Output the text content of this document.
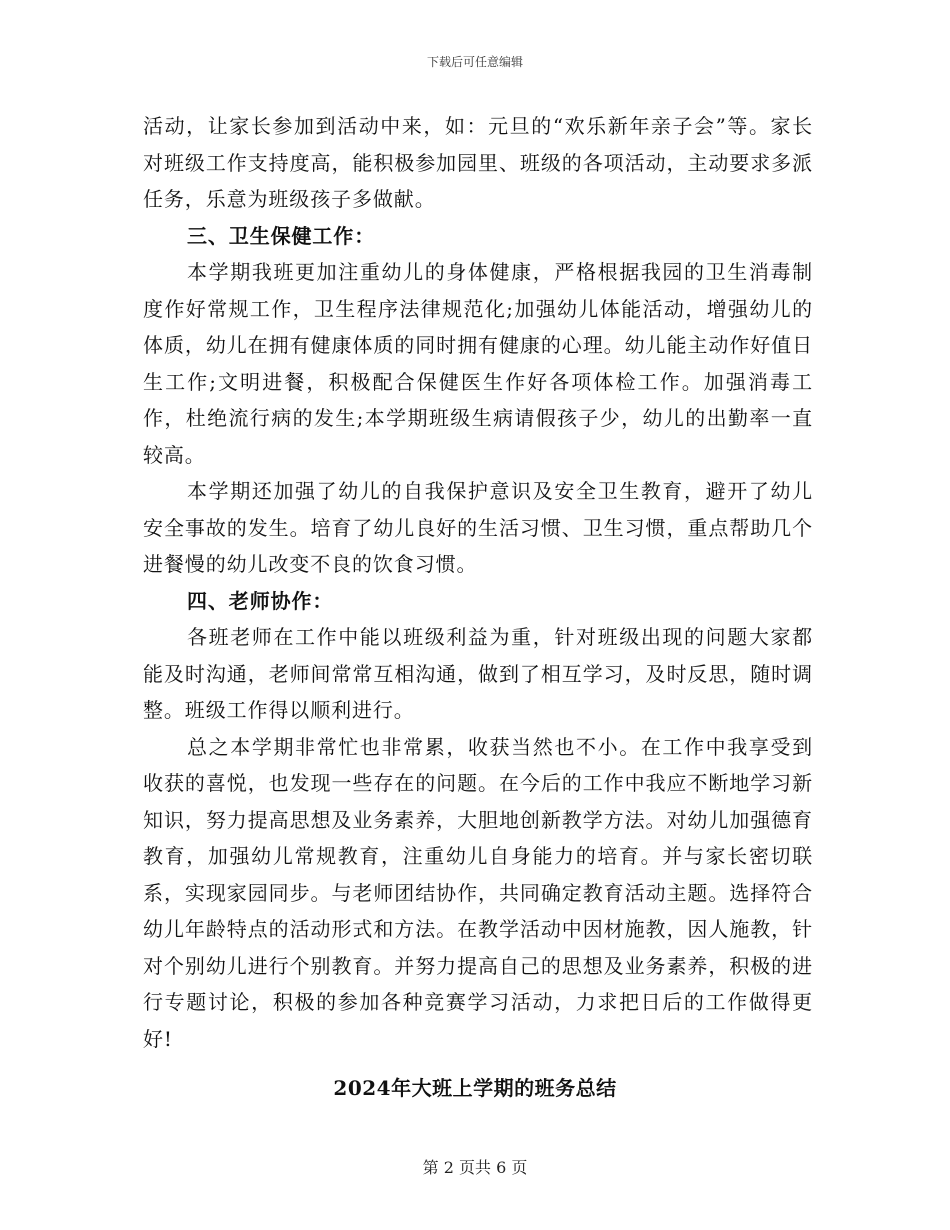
下载后可任意编辑

活动，让家长参加到活动中来，如：元旦的“欢乐新年亲子会”等。家长对班级工作支持度高，能积极参加园里、班级的各项活动，主动要求多派任务，乐意为班级孩子多做献。

三、卫生保健工作：

本学期我班更加注重幼儿的身体健康，严格根据我园的卫生消毒制度作好常规工作，卫生程序法律规范化;加强幼儿体能活动，增强幼儿的体质，幼儿在拥有健康体质的同时拥有健康的心理。幼儿能主动作好值日生工作;文明进餐，积极配合保健医生作好各项体检工作。加强消毒工作，杜绝流行病的发生;本学期班级生病请假孩子少，幼儿的出勤率一直较高。

本学期还加强了幼儿的自我保护意识及安全卫生教育，避开了幼儿安全事故的发生。培育了幼儿良好的生活习惯、卫生习惯，重点帮助几个进餐慢的幼儿改变不良的饮食习惯。

四、老师协作：

各班老师在工作中能以班级利益为重，针对班级出现的问题大家都能及时沟通，老师间常常互相沟通，做到了相互学习，及时反思，随时调整。班级工作得以顺利进行。

总之本学期非常忙也非常累，收获当然也不小。在工作中我享受到收获的喜悦，也发现一些存在的问题。在今后的工作中我应不断地学习新知识，努力提高思想及业务素养，大胆地创新教学方法。对幼儿加强德育教育，加强幼儿常规教育，注重幼儿自身能力的培育。并与家长密切联系，实现家园同步。与老师团结协作，共同确定教育活动主题。选择符合幼儿年龄特点的活动形式和方法。在教学活动中因材施教，因人施教，针对个别幼儿进行个别教育。并努力提高自己的思想及业务素养，积极的进行专题讨论，积极的参加各种竞赛学习活动，力求把日后的工作做得更好!

2024年大班上学期的班务总结
第 2 页共 6 页
